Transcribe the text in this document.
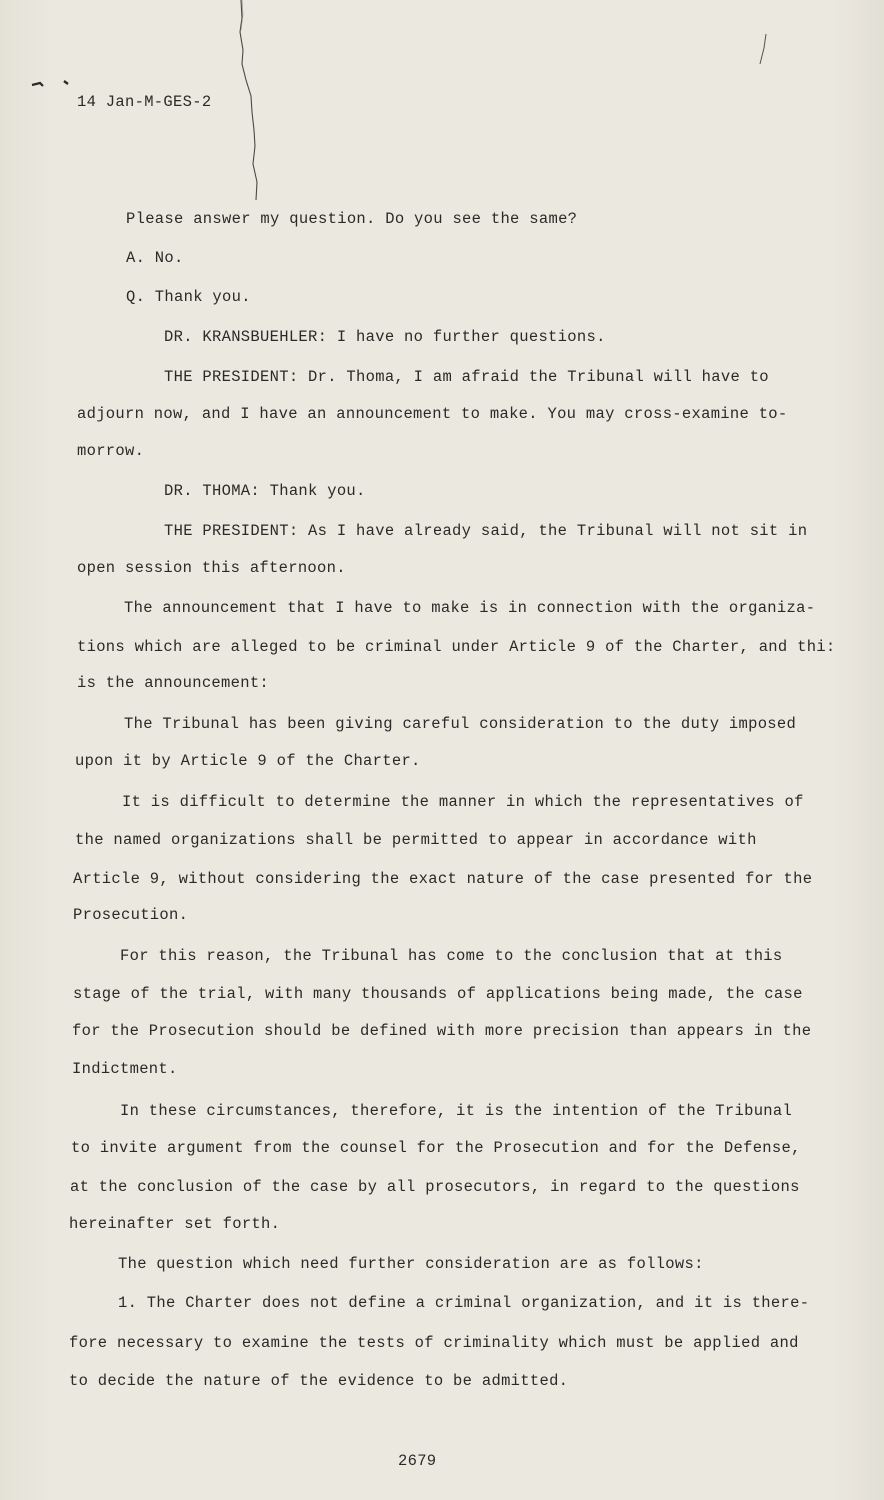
14 Jan-M-GES-2
Please answer my question. Do you see the same?
A. No.
Q. Thank you.
DR. KRANSBUEHLER: I have no further questions.
THE PRESIDENT: Dr. Thoma, I am afraid the Tribunal will have to
adjourn now, and I have an announcement to make. You may cross-examine to-
morrow.
DR. THOMA: Thank you.
THE PRESIDENT: As I have already said, the Tribunal will not sit in
open session this afternoon.
The announcement that I have to make is in connection with the organiza-
tions which are alleged to be criminal under Article 9 of the Charter, and thi:
is the announcement:
The Tribunal has been giving careful consideration to the duty imposed
upon it by Article 9 of the Charter.
It is difficult to determine the manner in which the representatives of
the named organizations shall be permitted to appear in accordance with
Article 9, without considering the exact nature of the case presented for the
Prosecution.
For this reason, the Tribunal has come to the conclusion that at this
stage of the trial, with many thousands of applications being made, the case
for the Prosecution should be defined with more precision than appears in the
Indictment.
In these circumstances, therefore, it is the intention of the Tribunal
to invite argument from the counsel for the Prosecution and for the Defense,
at the conclusion of the case by all prosecutors, in regard to the questions
hereinafter set forth.
The question which need further consideration are as follows:
1. The Charter does not define a criminal organization, and it is there-
fore necessary to examine the tests of criminality which must be applied and
to decide the nature of the evidence to be admitted.
2679
